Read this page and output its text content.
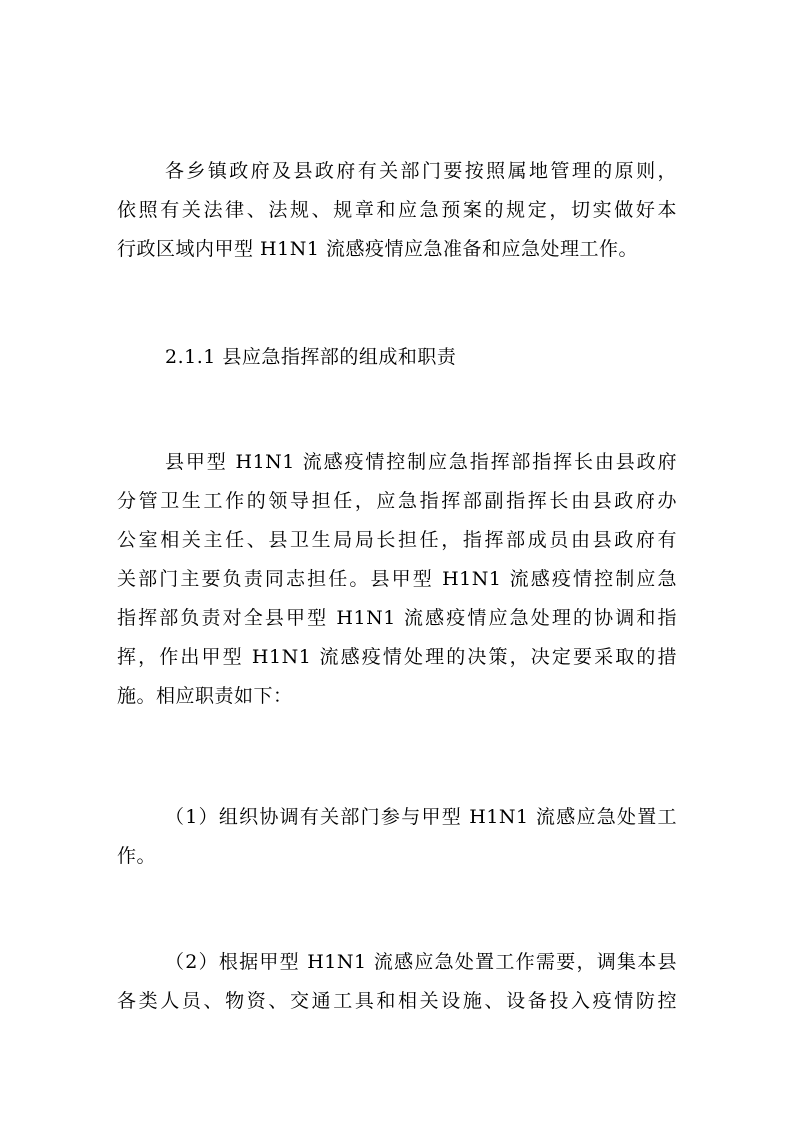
各乡镇政府及县政府有关部门要按照属地管理的原则，
依照有关法律、法规、规章和应急预案的规定，切实做好本
行政区域内甲型 H1N1 流感疫情应急准备和应急处理工作。
2.1.1 县应急指挥部的组成和职责
县甲型 H1N1 流感疫情控制应急指挥部指挥长由县政府
分管卫生工作的领导担任，应急指挥部副指挥长由县政府办
公室相关主任、县卫生局局长担任，指挥部成员由县政府有
关部门主要负责同志担任。县甲型 H1N1 流感疫情控制应急
指挥部负责对全县甲型 H1N1 流感疫情应急处理的协调和指
挥，作出甲型 H1N1 流感疫情处理的决策，决定要采取的措
施。相应职责如下：
（1）组织协调有关部门参与甲型 H1N1 流感应急处置工
作。
（2）根据甲型 H1N1 流感应急处置工作需要，调集本县
各类人员、物资、交通工具和相关设施、设备投入疫情防控
